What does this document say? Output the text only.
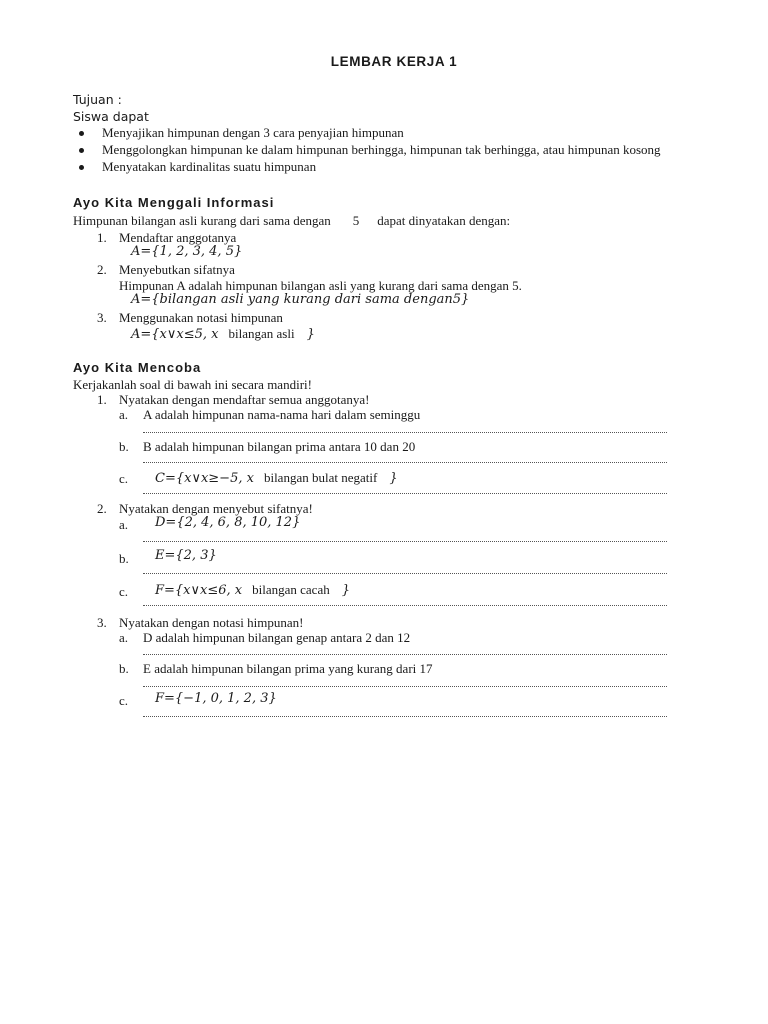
LEMBAR KERJA 1
Tujuan :
Siswa dapat
Menyajikan himpunan dengan 3 cara penyajian himpunan
Menggolongkan himpunan ke dalam himpunan berhingga, himpunan tak berhingga, atau himpunan kosong
Menyatakan kardinalitas suatu himpunan
Ayo Kita Menggali Informasi
Himpunan bilangan asli kurang dari sama dengan 5 dapat dinyatakan dengan:
1. Mendaftar anggotanya
A={1, 2, 3, 4, 5}
2. Menyebutkan sifatnya
Himpunan A adalah himpunan bilangan asli yang kurang dari sama dengan 5.
A={bilangan asli yang kurang dari sama dengan5}
3. Menggunakan notasi himpunan
A={x∨x≤5, x bilangan asli }
Ayo Kita Mencoba
Kerjakanlah soal di bawah ini secara mandiri!
1. Nyatakan dengan mendaftar semua anggotanya!
a. A adalah himpunan nama-nama hari dalam seminggu
b. B adalah himpunan bilangan prima antara 10 dan 20
c. C={x∨x≥−5, x bilangan bulat negatif }
2. Nyatakan dengan menyebut sifatnya!
a. D={2, 4, 6, 8, 10, 12}
b. E={2, 3}
c. F={x∨x≤6, x bilangan cacah }
3. Nyatakan dengan notasi himpunan!
a. D adalah himpunan bilangan genap antara 2 dan 12
b. E adalah himpunan bilangan prima yang kurang dari 17
c. F={−1, 0, 1, 2, 3}
